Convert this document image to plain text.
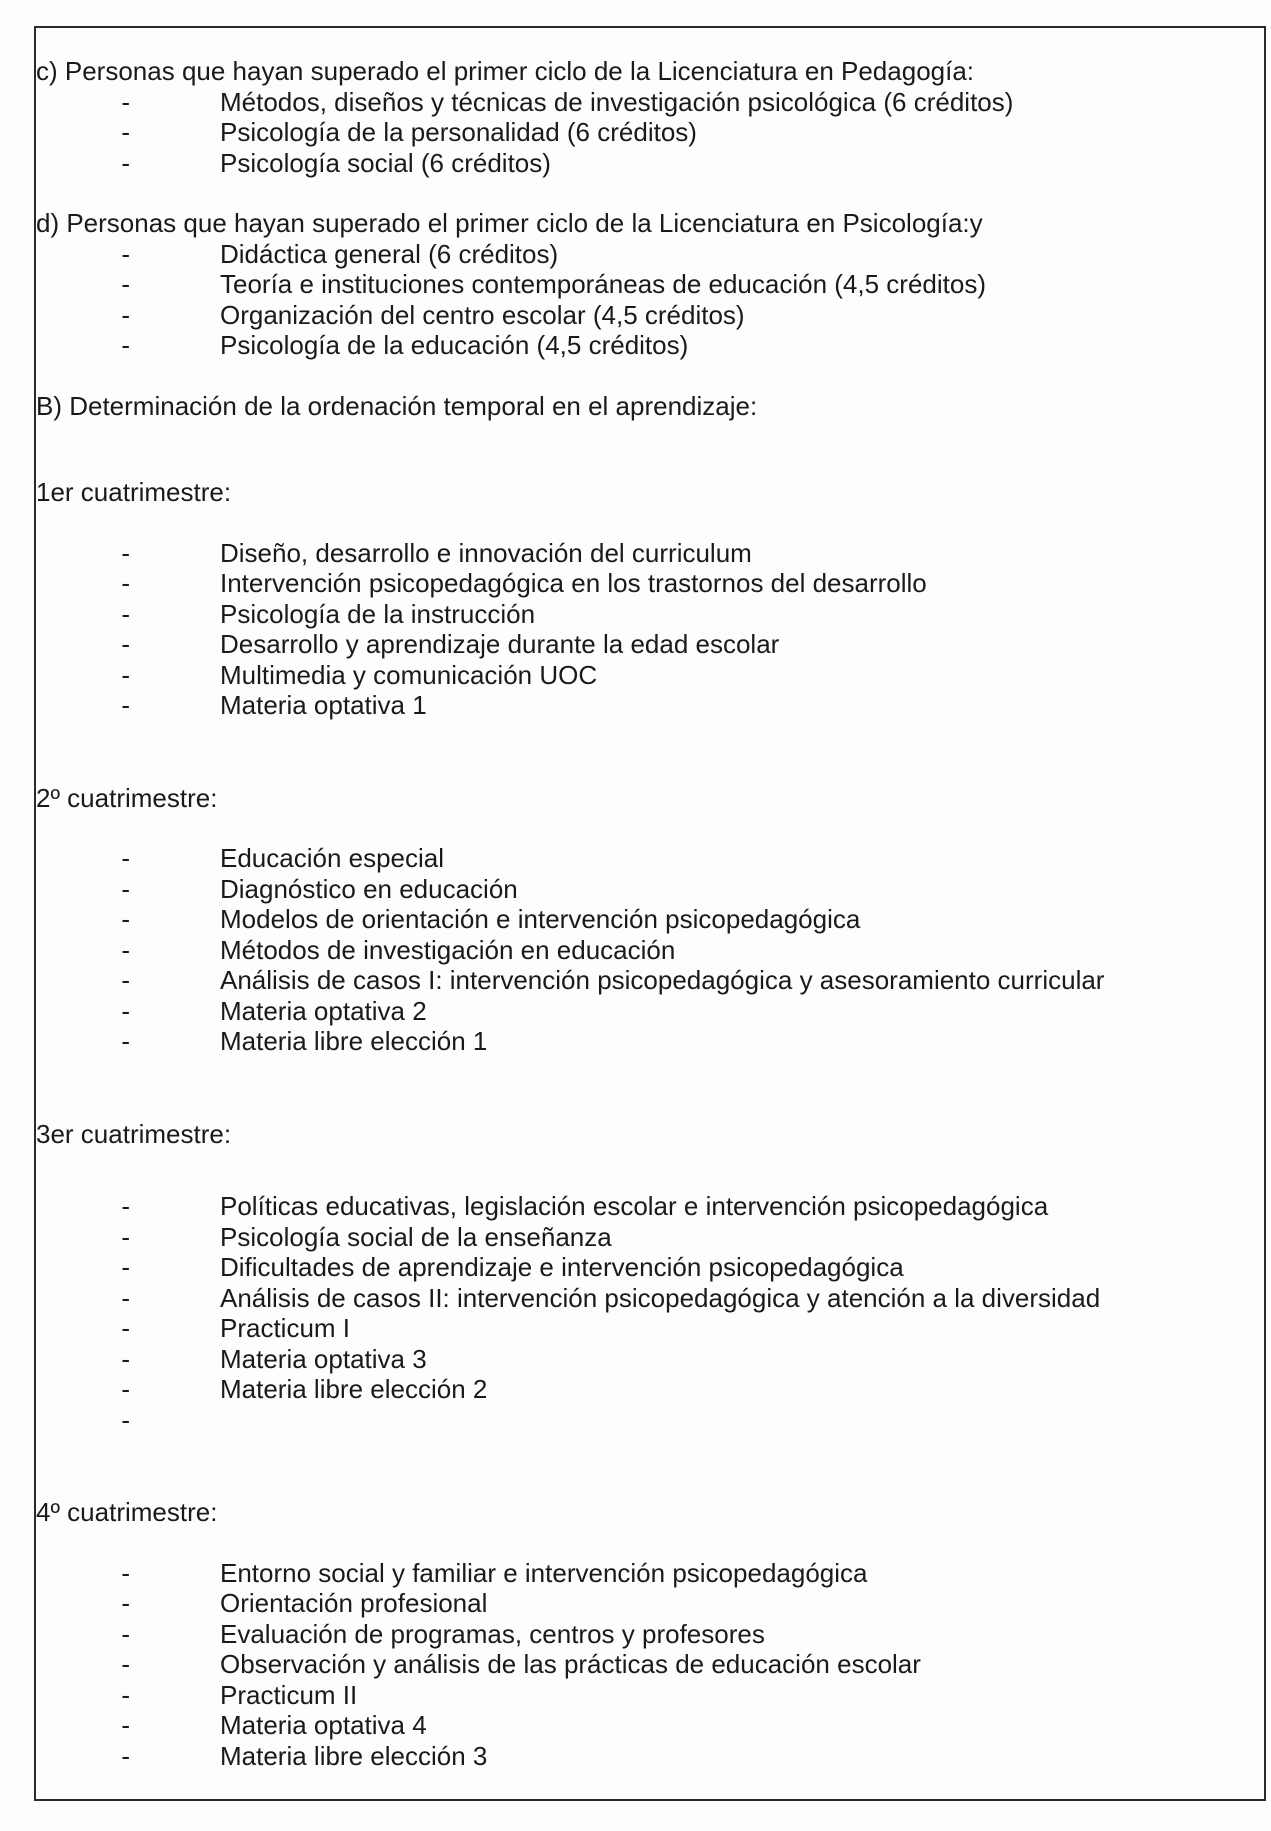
c) Personas que hayan superado el primer ciclo de la Licenciatura en Pedagogía:

-	Métodos, diseños y técnicas de investigación psicológica (6 créditos)
-	Psicología de la personalidad (6 créditos)
-	Psicología social (6 créditos)

d) Personas que hayan superado el primer ciclo de la Licenciatura en Psicología:y

-	Didáctica general (6 créditos)
-	Teoría e instituciones contemporáneas de educación (4,5 créditos)
-	Organización del centro escolar (4,5 créditos)
-	Psicología de la educación (4,5 créditos)

B) Determinación de la ordenación temporal en el aprendizaje:

1er cuatrimestre:

-	Diseño, desarrollo e innovación del curriculum
-	Intervención psicopedagógica en los trastornos del desarrollo
-	Psicología de la instrucción
-	Desarrollo y aprendizaje durante la edad escolar
-	Multimedia y comunicación UOC
-	Materia optativa 1

2º cuatrimestre:

-	Educación especial
-	Diagnóstico en educación
-	Modelos de orientación e intervención psicopedagógica
-	Métodos de investigación en educación
-	Análisis de casos I: intervención psicopedagógica y asesoramiento curricular
-	Materia optativa 2
-	Materia libre elección 1

3er cuatrimestre:

-	Políticas educativas, legislación escolar e intervención psicopedagógica
-	Psicología social de la enseñanza
-	Dificultades de aprendizaje e intervención psicopedagógica
-	Análisis de casos II: intervención psicopedagógica y atención a la diversidad
-	Practicum I
-	Materia optativa 3
-	Materia libre elección 2
-

4º cuatrimestre:

-	Entorno social y familiar e intervención psicopedagógica
-	Orientación profesional
-	Evaluación de programas, centros y profesores
-	Observación y análisis de las prácticas de educación escolar
-	Practicum II
-	Materia optativa 4
-	Materia libre elección 3
